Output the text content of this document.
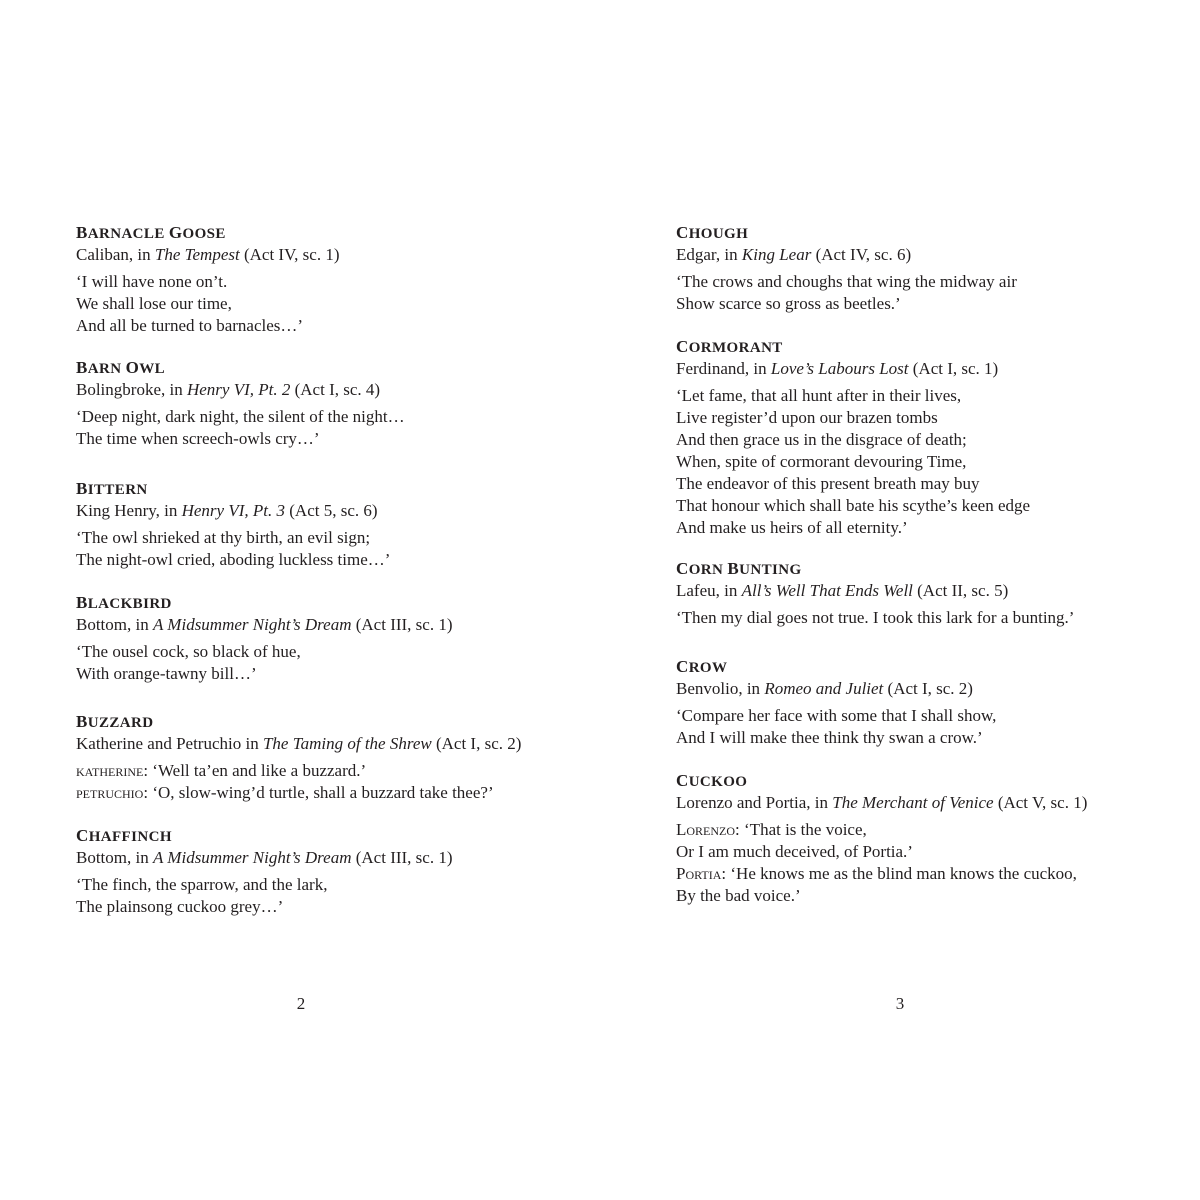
BARNACLE GOOSE
Caliban, in The Tempest (Act IV, sc. 1)
‘I will have none on’t.
We shall lose our time,
And all be turned to barnacles…’
BARN OWL
Bolingbroke, in Henry VI, Pt. 2 (Act I, sc. 4)
‘Deep night, dark night, the silent of the night…
The time when screech-owls cry…’
BITTERN
King Henry, in Henry VI, Pt. 3 (Act 5, sc. 6)
‘The owl shrieked at thy birth, an evil sign;
The night-owl cried, aboding luckless time…’
BLACKBIRD
Bottom, in A Midsummer Night’s Dream (Act III, sc. 1)
‘The ousel cock, so black of hue,
With orange-tawny bill…’
BUZZARD
Katherine and Petruchio in The Taming of the Shrew (Act I, sc. 2)
katherine: ‘Well ta’en and like a buzzard.’
petruchio: ‘O, slow-wing’d turtle, shall a buzzard take thee?’
CHAFFINCH
Bottom, in A Midsummer Night’s Dream (Act III, sc. 1)
‘The finch, the sparrow, and the lark,
The plainsong cuckoo grey…’
CHOUGH
Edgar, in King Lear (Act IV, sc. 6)
‘The crows and choughs that wing the midway air
Show scarce so gross as beetles.’
CORMORANT
Ferdinand, in Love’s Labours Lost (Act I, sc. 1)
‘Let fame, that all hunt after in their lives,
Live register’d upon our brazen tombs
And then grace us in the disgrace of death;
When, spite of cormorant devouring Time,
The endeavor of this present breath may buy
That honour which shall bate his scythe’s keen edge
And make us heirs of all eternity.’
CORN BUNTING
Lafeu, in All’s Well That Ends Well (Act II, sc. 5)
‘Then my dial goes not true. I took this lark for a bunting.’
CROW
Benvolio, in Romeo and Juliet (Act I, sc. 2)
‘Compare her face with some that I shall show,
And I will make thee think thy swan a crow.’
CUCKOO
Lorenzo and Portia, in The Merchant of Venice (Act V, sc. 1)
Lorenzo: ‘That is the voice,
Or I am much deceived, of Portia.’
Portia: ‘He knows me as the blind man knows the cuckoo,
By the bad voice.’
2	3
